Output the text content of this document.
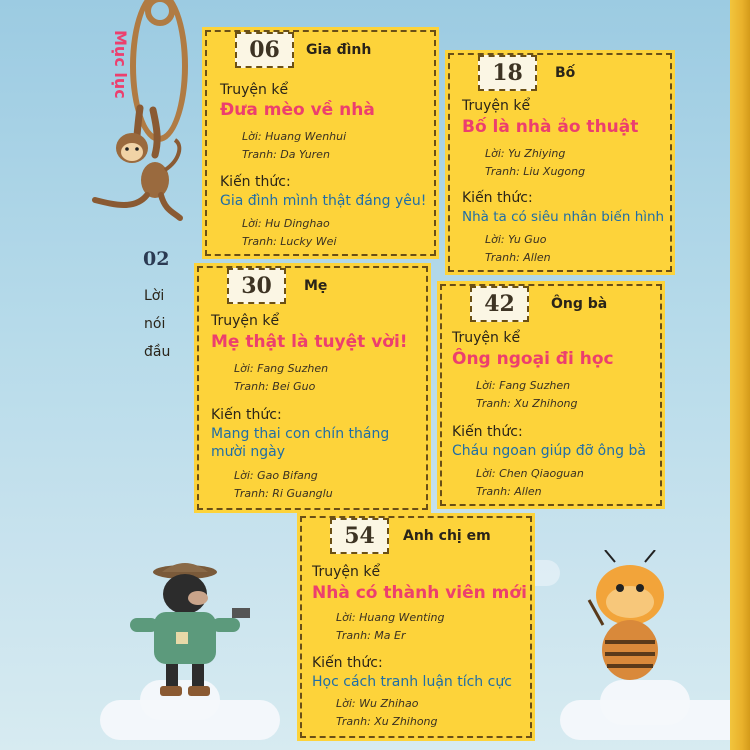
Mục lục
02
Lời
nói
đầu
06	Gia đình
Truyện kể
Đưa mèo về nhà
Lời: Huang Wenhui
Tranh: Da Yuren
Kiến thức:
Gia đình mình thật đáng yêu!
Lời: Hu Dinghao
Tranh: Lucky Wei
18	Bố
Truyện kể
Bố là nhà ảo thuật
Lời: Yu Zhiying
Tranh: Liu Xugong
Kiến thức:
Nhà ta có siêu nhân biến hình
Lời: Yu Guo
Tranh: Allen
30	Mẹ
Truyện kể
Mẹ thật là tuyệt vời!
Lời: Fang Suzhen
Tranh: Bei Guo
Kiến thức:
Mang thai con chín tháng
mười ngày
Lời: Gao Bifang
Tranh: Ri Guanglu
42	Ông bà
Truyện kể
Ông ngoại đi học
Lời: Fang Suzhen
Tranh: Xu Zhihong
Kiến thức:
Cháu ngoan giúp đỡ ông bà
Lời: Chen Qiaoguan
Tranh: Allen
54	Anh chị em
Truyện kể
Nhà có thành viên mới
Lời: Huang Wenting
Tranh: Ma Er
Kiến thức:
Học cách tranh luận tích cực
Lời: Wu Zhihao
Tranh: Xu Zhihong
